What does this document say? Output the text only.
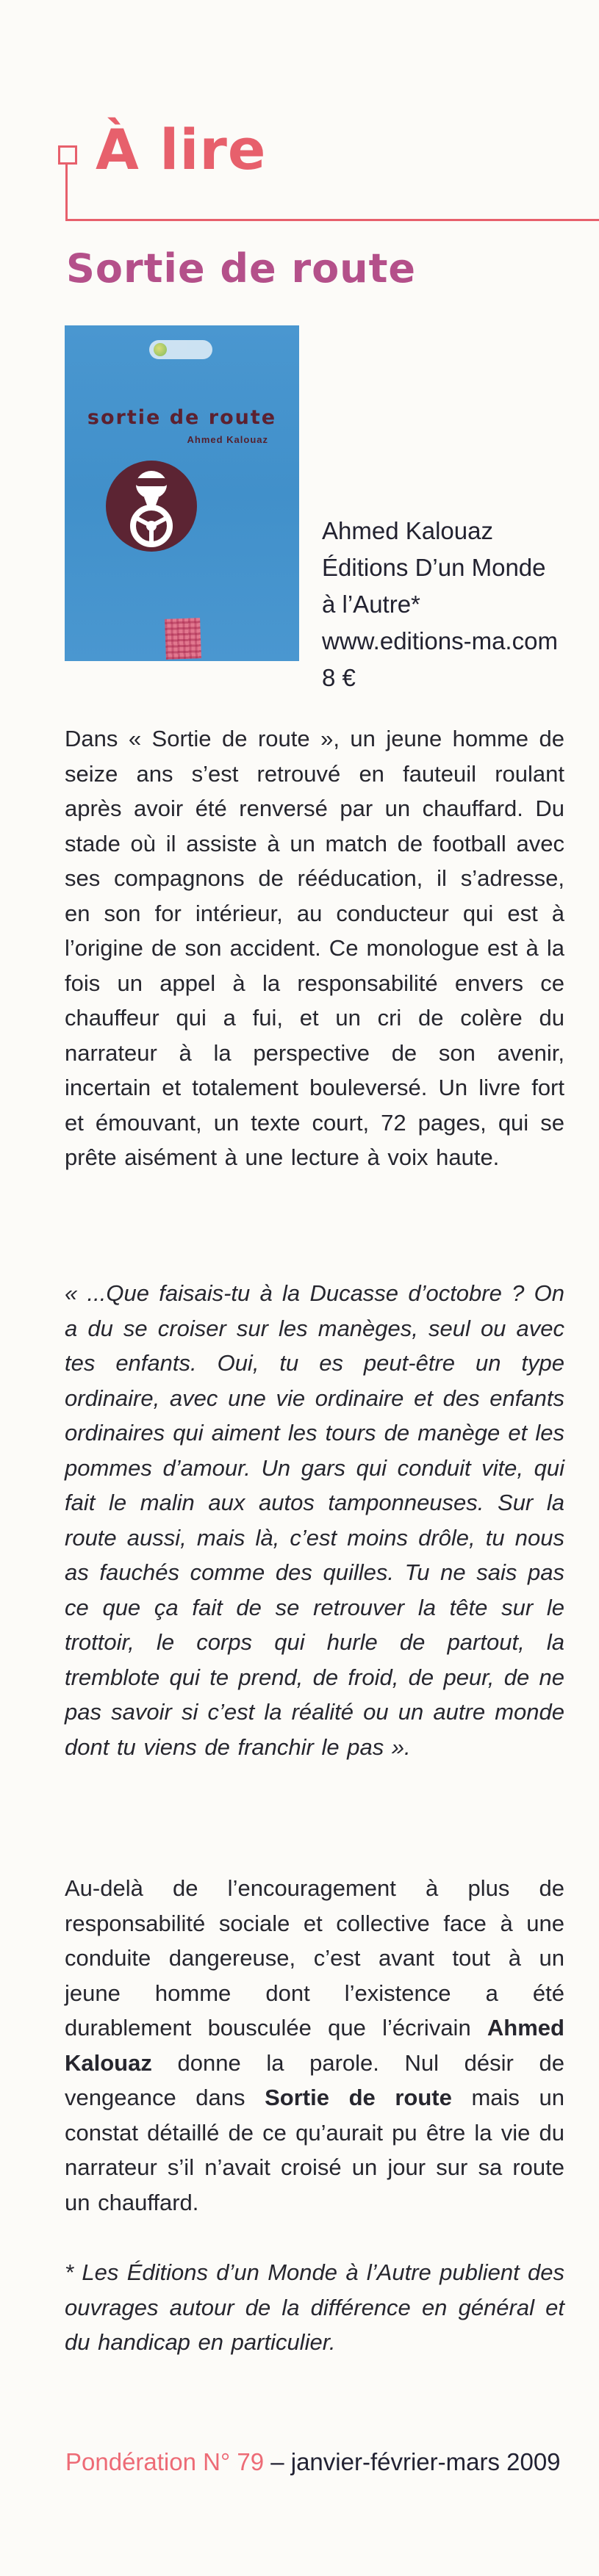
À lire
Sortie de route
sortie de route
Ahmed Kalouaz
Ahmed Kalouaz
Éditions D’un Monde
à l’Autre*
www.editions-ma.com
8 €

Dans « Sortie de route », un jeune homme de seize ans s’est retrouvé en fauteuil roulant après avoir été renversé par un chauffard. Du stade où il assiste à un match de football avec ses compagnons de rééducation, il s’adresse, en son for intérieur, au conducteur qui est à l’origine de son accident. Ce monologue est à la fois un appel à la responsabilité envers ce chauffeur qui a fui, et un cri de colère du narrateur à la perspective de son avenir, incertain et totalement bouleversé. Un livre fort et émouvant, un texte court, 72 pages, qui se prête aisément à une lecture à voix haute.

« ...Que faisais-tu à la Ducasse d’octobre ? On a du se croiser sur les manèges, seul ou avec tes enfants. Oui, tu es peut-être un type ordinaire, avec une vie ordinaire et des enfants ordinaires qui aiment les tours de manège et les pommes d’amour. Un gars qui conduit vite, qui fait le malin aux autos tamponneuses. Sur la route aussi, mais là, c’est moins drôle, tu nous as fauchés comme des quilles. Tu ne sais pas ce que ça fait de se retrouver la tête sur le trottoir, le corps qui hurle de partout, la tremblote qui te prend, de froid, de peur, de ne pas savoir si c’est la réalité ou un autre monde dont tu viens de franchir le pas ».

Au-delà de l’encouragement à plus de responsabilité sociale et collective face à une conduite dangereuse, c’est avant tout à un jeune homme dont l’existence a été durablement bousculée que l’écrivain Ahmed Kalouaz donne la parole. Nul désir de vengeance dans Sortie de route mais un constat détaillé de ce qu’aurait pu être la vie du narrateur s’il n’avait croisé un jour sur sa route un chauffard.

* Les Éditions d’un Monde à l’Autre publient des ouvrages autour de la différence en général et du handicap en particulier.

Pondération N° 79 – janvier-février-mars 2009
